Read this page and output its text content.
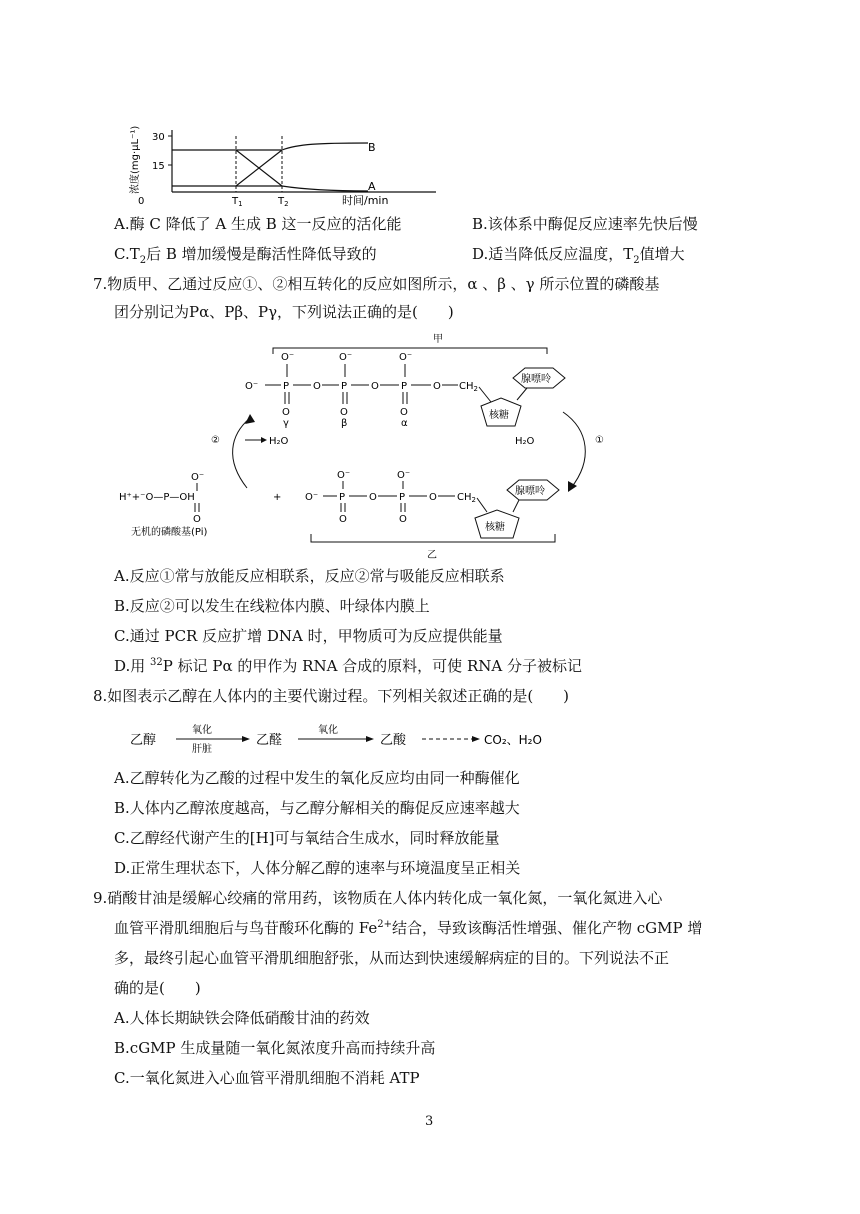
浓度(mg·μL⁻¹) 30
15
0
B
A
$T_1$	$T_2$	时间/min
A.酶 C 降低了 A 生成 B 这一反应的活化能	B.该体系中酶促反应速率先快后慢
$C.T_2$后 B 增加缓慢是酶活性降低导致的	D.适当降低反应温度，$T_2$值增大
7.物质甲、乙通过反应①、②相互转化的反应如图所示，α 、β 、γ 所示位置的磷酸基
团分别记为Pα、Pβ、Pγ，下列说法正确的是(　　)
甲
O⁻ P
O⁻
O
γ
O P
O⁻
O
β
O P
O⁻
O
α
O $CH_2$
核糖
腺嘌呤
②	H₂O	H₂O	①
O⁻
H⁺+⁻O—P—OH
O
+
无机的磷酸基(Pi)
O⁻ P
O⁻
O
O P
O⁻
O
O $CH_2$
核糖
腺嘌呤
乙
A.反应①常与放能反应相联系，反应②常与吸能反应相联系
B.反应②可以发生在线粒体内膜、叶绿体内膜上
C.通过 PCR 反应扩增 DNA 时，甲物质可为反应提供能量
D.用 $^{32}$P 标记 Pα 的甲作为 RNA 合成的原料，可使 RNA 分子被标记
8.如图表示乙醇在人体内的主要代谢过程。下列相关叙述正确的是(　　)
乙醇
氧化
肝脏
乙醛
氧化
乙酸	CO₂、H₂O
A.乙醇转化为乙酸的过程中发生的氧化反应均由同一种酶催化
B.人体内乙醇浓度越高，与乙醇分解相关的酶促反应速率越大
C.乙醇经代谢产生的[H]可与氧结合生成水，同时释放能量
D.正常生理状态下，人体分解乙醇的速率与环境温度呈正相关
9.硝酸甘油是缓解心绞痛的常用药，该物质在人体内转化成一氧化氮，一氧化氮进入心
血管平滑肌细胞后与鸟苷酸环化酶的 $Fe^{2+}$结合，导致该酶活性增强、催化产物 cGMP 增
多，最终引起心血管平滑肌细胞舒张，从而达到快速缓解病症的目的。下列说法不正
确的是(　　)
A.人体长期缺铁会降低硝酸甘油的药效
B.cGMP 生成量随一氧化氮浓度升高而持续升高
C.一氧化氮进入心血管平滑肌细胞不消耗 ATP
3
